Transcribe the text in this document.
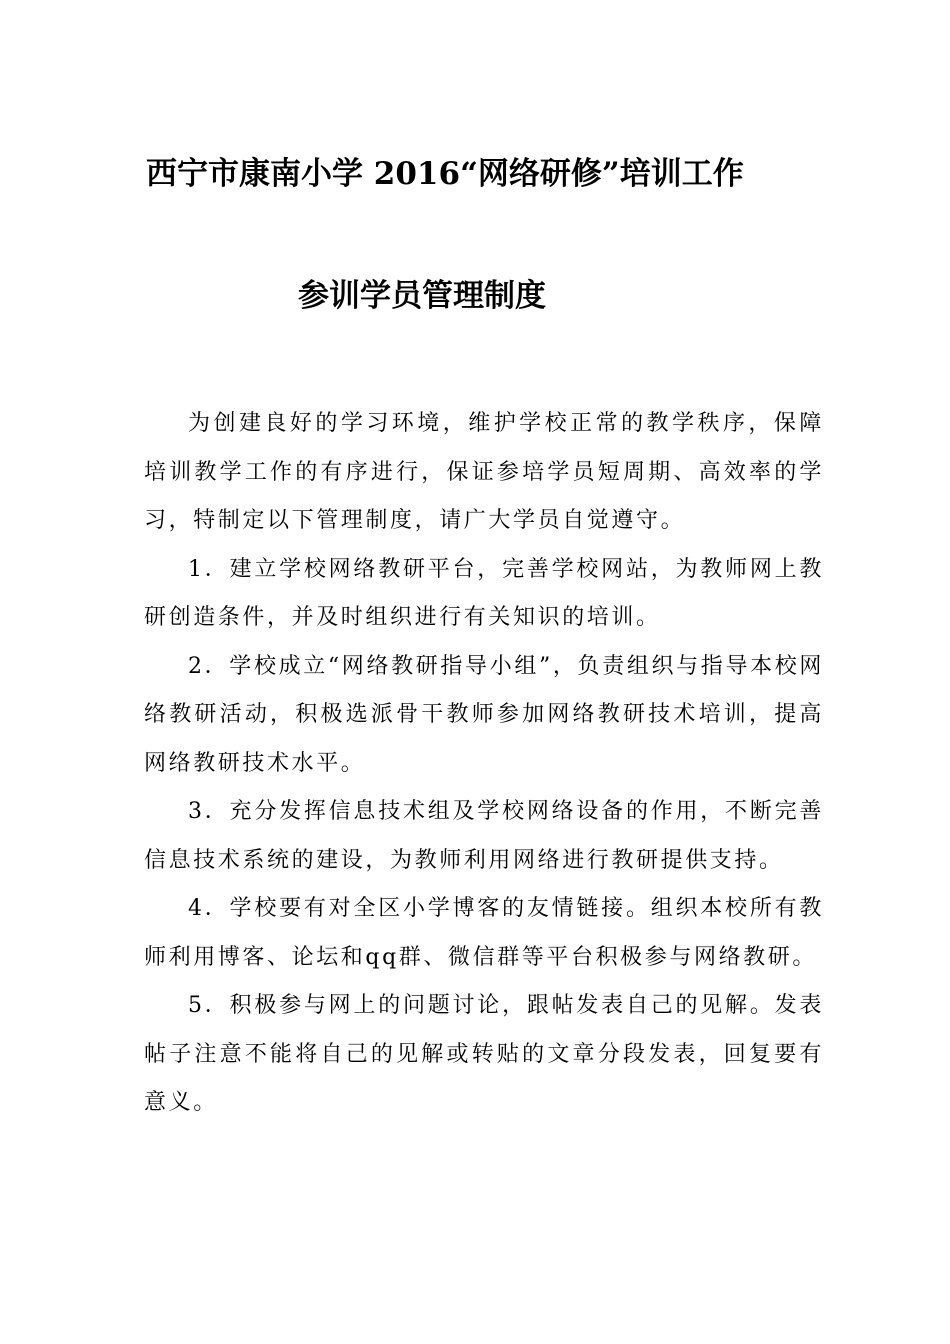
西宁市康南小学 2016“网络研修”培训工作
参训学员管理制度

为创建良好的学习环境，维护学校正常的教学秩序，保障培训教学工作的有序进行，保证参培学员短周期、高效率的学习，特制定以下管理制度，请广大学员自觉遵守。

1．建立学校网络教研平台，完善学校网站，为教师网上教研创造条件，并及时组织进行有关知识的培训。

2．学校成立“网络教研指导小组”，负责组织与指导本校网络教研活动，积极选派骨干教师参加网络教研技术培训，提高网络教研技术水平。

3．充分发挥信息技术组及学校网络设备的作用，不断完善信息技术系统的建设，为教师利用网络进行教研提供支持。

4．学校要有对全区小学博客的友情链接。组织本校所有教师利用博客、论坛和qq群、微信群等平台积极参与网络教研。

5．积极参与网上的问题讨论，跟帖发表自己的见解。发表帖子注意不能将自己的见解或转贴的文章分段发表，回复要有意义。
